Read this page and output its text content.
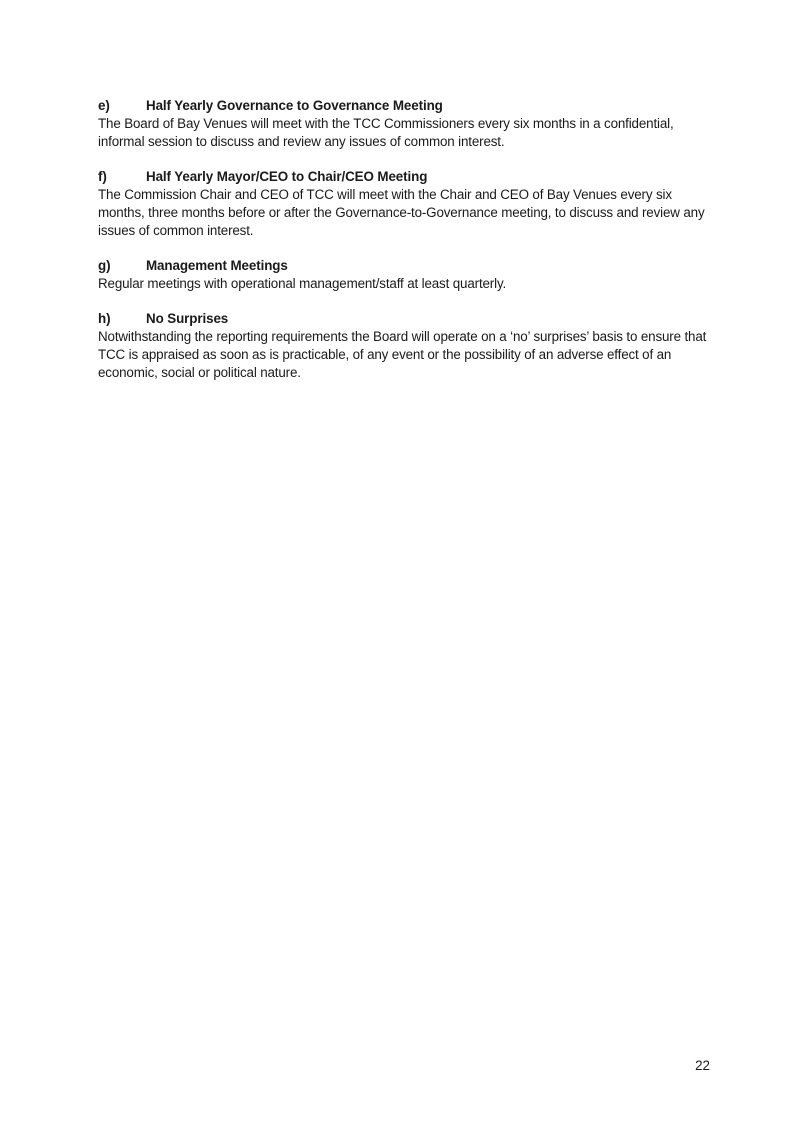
e)	Half Yearly Governance to Governance Meeting

The Board of Bay Venues will meet with the TCC Commissioners every six months in a confidential, informal session to discuss and review any issues of common interest.

f)	Half Yearly Mayor/CEO to Chair/CEO Meeting

The Commission Chair and CEO of TCC will meet with the Chair and CEO of Bay Venues every six months, three months before or after the Governance-to-Governance meeting, to discuss and review any issues of common interest.

g)	Management Meetings

Regular meetings with operational management/staff at least quarterly.

h)	No Surprises

Notwithstanding the reporting requirements the Board will operate on a ‘no’ surprises’ basis to ensure that TCC is appraised as soon as is practicable, of any event or the possibility of an adverse effect of an economic, social or political nature.

22
